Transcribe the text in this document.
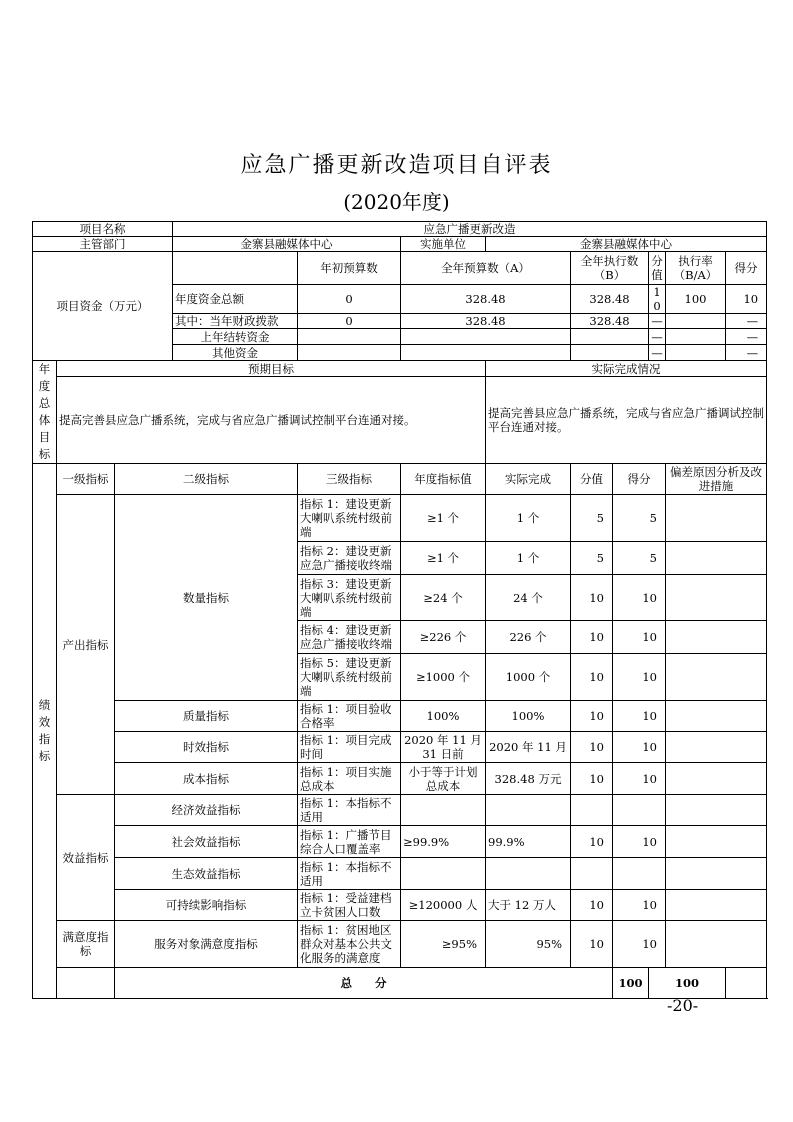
应急广播更新改造项目自评表
(2020年度)
项目名称			应急广播更新改造								
主管部门			金寨县融媒体中心		实施单位	金寨县融媒体中心					
项目资金（万元）				年初预算数	全年预算数（A）		全年执行数（B）		分值	执行率（B/A）	得分
			年度资金总额	0	328.48		328.48		10	100	10
			其中：当年财政拨款	0	328.48		328.48		—		—
			上年结转资金						—		—
			其他资金						—		—
年度总体目标	预期目标					实际完成情况					
	提高完善县应急广播系统，完成与省应急广播调试控制平台连通对接。					提高完善县应急广播系统，完成与省应急广播调试控制平台连通对接。					
绩效指标	一级指标	二级指标		三级指标	年度指标值	实际完成	分值	得分		偏差原因分析及改进措施	
	产出指标	数量指标		指标 1：建设更新大喇叭系统村级前端	≥1 个	1 个	5	5			
				指标 2：建设更新应急广播接收终端	≥1 个	1 个	5	5			
				指标 3：建设更新大喇叭系统村级前端	≥24 个	24 个	10	10			
				指标 4：建设更新应急广播接收终端	≥226 个	226 个	10	10			
				指标 5：建设更新大喇叭系统村级前端	≥1000 个	1000 个	10	10			
		质量指标		指标 1：项目验收合格率	100%	100%	10	10			
		时效指标		指标 1：项目完成时间	2020 年 11 月 31 日前	2020 年 11 月	10	10			
		成本指标		指标 1：项目实施总成本	小于等于计划总成本	328.48 万元	10	10			
	效益指标	经济效益指标		指标 1：本指标不适用							
		社会效益指标		指标 1：广播节目综合人口覆盖率	≥99.9%	99.9%	10	10			
		生态效益指标		指标 1：本指标不适用							
		可持续影响指标		指标 1：受益建档立卡贫困人口数	≥120000 人	大于 12 万人	10	10			
	满意度指标	服务对象满意度指标		指标 1：贫困地区群众对基本公共文化服务的满意度	≥95%	95%	10	10			
		总　　分						100	100		
-20-
